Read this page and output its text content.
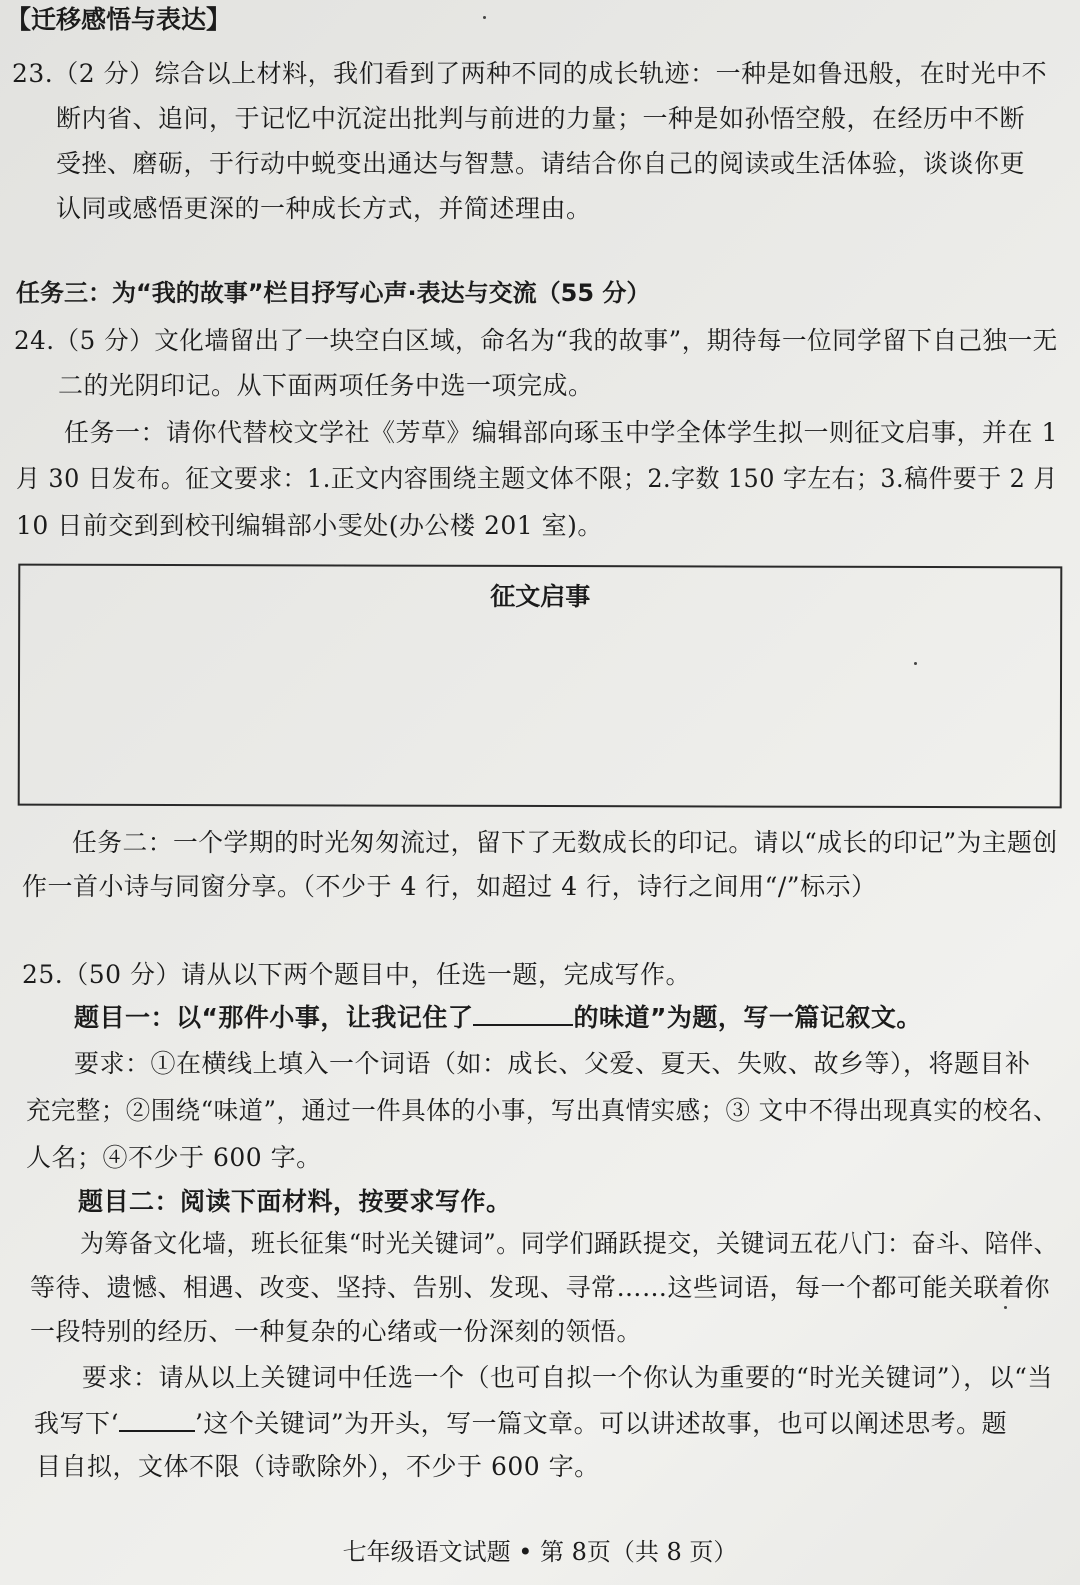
【迁移感悟与表达】
23.（2 分）综合以上材料，我们看到了两种不同的成长轨迹：一种是如鲁迅般，在时光中不
断内省、追问，于记忆中沉淀出批判与前进的力量；一种是如孙悟空般，在经历中不断
受挫、磨砺，于行动中蜕变出通达与智慧。请结合你自己的阅读或生活体验，谈谈你更
认同或感悟更深的一种成长方式，并简述理由。
任务三：为“我的故事”栏目抒写心声·表达与交流（55 分）
24.（5 分）文化墙留出了一块空白区域，命名为“我的故事”，期待每一位同学留下自己独一无
二的光阴印记。从下面两项任务中选一项完成。
任务一：请你代替校文学社《芳草》编辑部向琢玉中学全体学生拟一则征文启事，并在 1
月 30 日发布。征文要求：1.正文内容围绕主题文体不限；2.字数 150 字左右；3.稿件要于 2 月
10 日前交到到校刊编辑部小雯处(办公楼 201 室)。
征文启事
任务二：一个学期的时光匆匆流过，留下了无数成长的印记。请以“成长的印记”为主题创
作一首小诗与同窗分享。（不少于 4 行，如超过 4 行，诗行之间用“/”标示）
25.（50 分）请从以下两个题目中，任选一题，完成写作。
题目一：以“那件小事，让我记住了	的味道”为题，写一篇记叙文。
要求：①在横线上填入一个词语（如：成长、父爱、夏天、失败、故乡等），将题目补
充完整；②围绕“味道”，通过一件具体的小事，写出真情实感；③ 文中不得出现真实的校名、
人名；④不少于 600 字。
题目二：阅读下面材料，按要求写作。
为筹备文化墙，班长征集“时光关键词”。同学们踊跃提交，关键词五花八门：奋斗、陪伴、
等待、遗憾、相遇、改变、坚持、告别、发现、寻常……这些词语，每一个都可能关联着你
一段特别的经历、一种复杂的心绪或一份深刻的领悟。
要求：请从以上关键词中任选一个（也可自拟一个你认为重要的“时光关键词”），以“当
我写下‘	’这个关键词”为开头，写一篇文章。可以讲述故事，也可以阐述思考。题
目自拟，文体不限（诗歌除外），不少于 600 字。
七年级语文试题 • 第 8页（共 8 页）
